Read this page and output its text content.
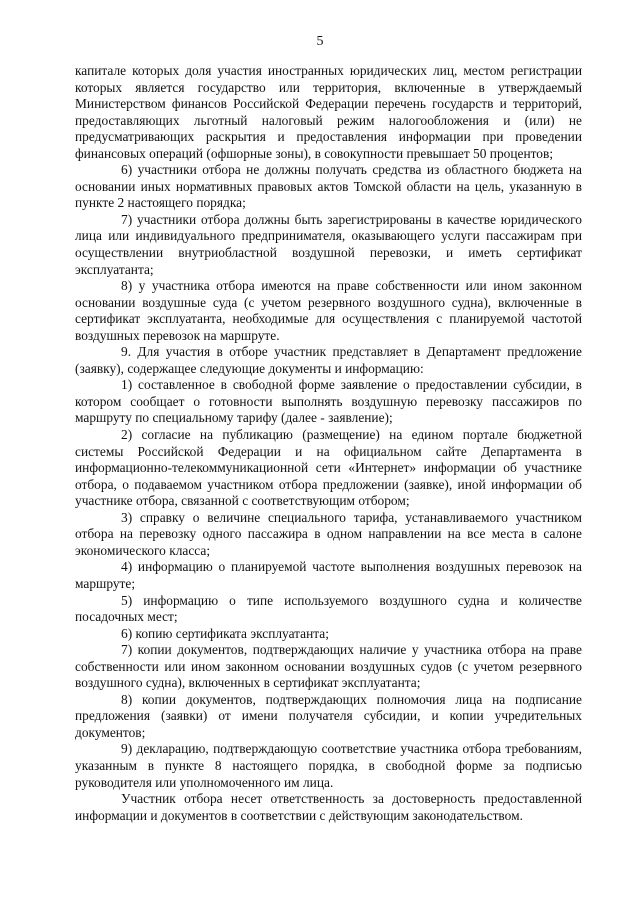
5

капитале которых доля участия иностранных юридических лиц, местом регистрации которых является государство или территория, включенные в утверждаемый Министерством финансов Российской Федерации перечень государств и территорий, предоставляющих льготный налоговый режим налогообложения и (или) не предусматривающих раскрытия и предоставления информации при проведении финансовых операций (офшорные зоны), в совокупности превышает 50 процентов;

6) участники отбора не должны получать средства из областного бюджета на основании иных нормативных правовых актов Томской области на цель, указанную в пункте 2 настоящего порядка;

7) участники отбора должны быть зарегистрированы в качестве юридического лица или индивидуального предпринимателя, оказывающего услуги пассажирам при осуществлении внутриобластной воздушной перевозки, и иметь сертификат эксплуатанта;

8) у участника отбора имеются на праве собственности или ином законном основании воздушные суда (с учетом резервного воздушного судна), включенные в сертификат эксплуатанта, необходимые для осуществления с планируемой частотой воздушных перевозок на маршруте.

9. Для участия в отборе участник представляет в Департамент предложение (заявку), содержащее следующие документы и информацию:

1) составленное в свободной форме заявление о предоставлении субсидии, в котором сообщает о готовности выполнять воздушную перевозку пассажиров по маршруту по специальному тарифу (далее - заявление);

2) согласие на публикацию (размещение) на едином портале бюджетной системы Российской Федерации и на официальном сайте Департамента в информационно-телекоммуникационной сети «Интернет» информации об участнике отбора, о подаваемом участником отбора предложении (заявке), иной информации об участнике отбора, связанной с соответствующим отбором;

3) справку о величине специального тарифа, устанавливаемого участником отбора на перевозку одного пассажира в одном направлении на все места в салоне экономического класса;

4) информацию о планируемой частоте выполнения воздушных перевозок на маршруте;

5) информацию о типе используемого воздушного судна и количестве посадочных мест;

6) копию сертификата эксплуатанта;

7) копии документов, подтверждающих наличие у участника отбора на праве собственности или ином законном основании воздушных судов (с учетом резервного воздушного судна), включенных в сертификат эксплуатанта;

8) копии документов, подтверждающих полномочия лица на подписание предложения (заявки) от имени получателя субсидии, и копии учредительных документов;

9) декларацию, подтверждающую соответствие участника отбора требованиям, указанным в пункте 8 настоящего порядка, в свободной форме за подписью руководителя или уполномоченного им лица.

Участник отбора несет ответственность за достоверность предоставленной информации и документов в соответствии с действующим законодательством.
